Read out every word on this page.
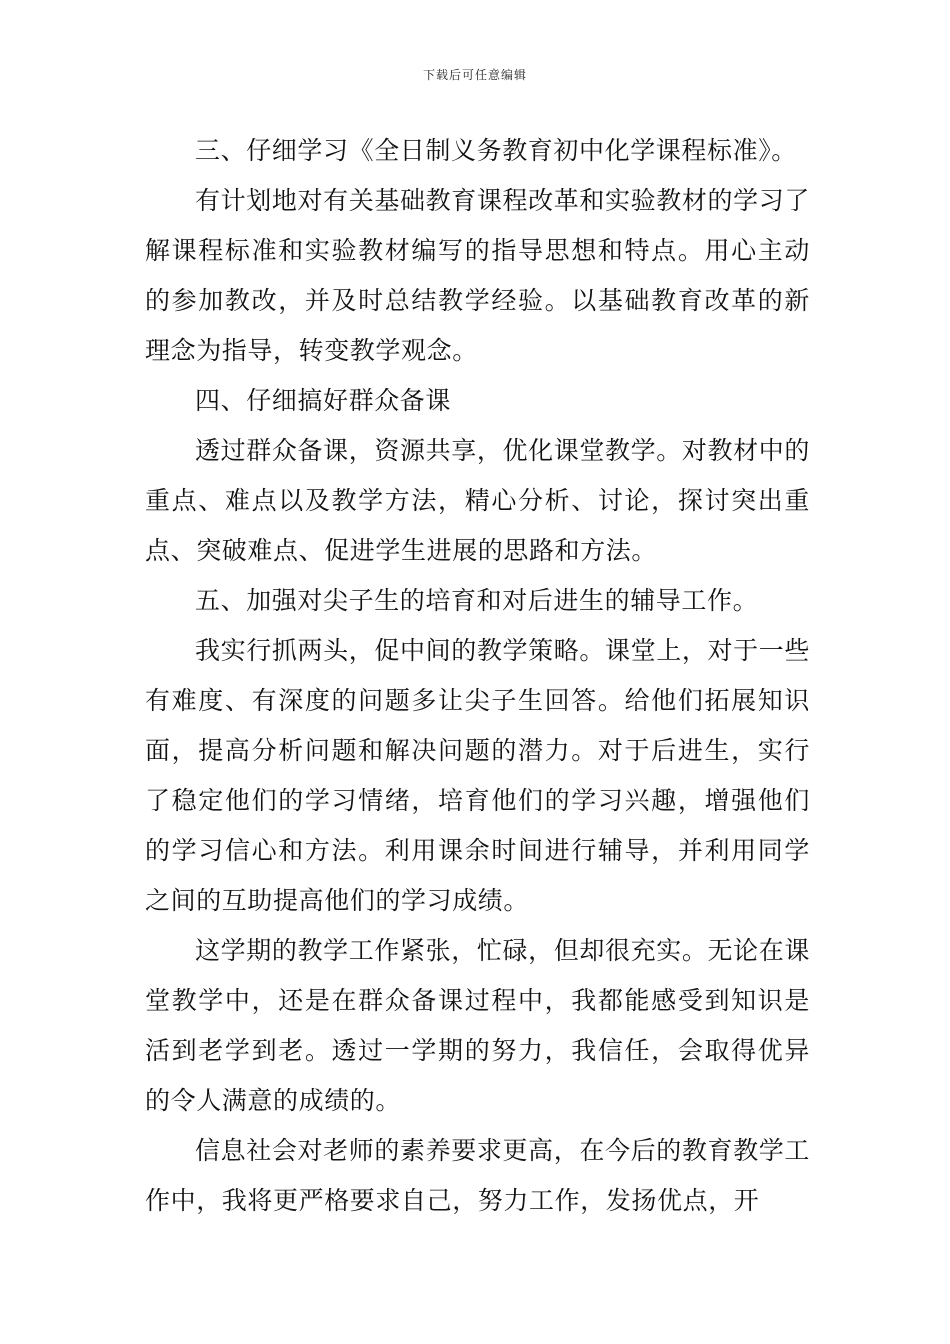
下载后可任意编辑

三、仔细学习《全日制义务教育初中化学课程标准》。

有计划地对有关基础教育课程改革和实验教材的学习了解课程标准和实验教材编写的指导思想和特点。用心主动的参加教改，并及时总结教学经验。以基础教育改革的新理念为指导，转变教学观念。

四、仔细搞好群众备课

透过群众备课，资源共享，优化课堂教学。对教材中的重点、难点以及教学方法，精心分析、讨论，探讨突出重点、突破难点、促进学生进展的思路和方法。

五、加强对尖子生的培育和对后进生的辅导工作。

我实行抓两头，促中间的教学策略。课堂上，对于一些有难度、有深度的问题多让尖子生回答。给他们拓展知识面，提高分析问题和解决问题的潜力。对于后进生，实行了稳定他们的学习情绪，培育他们的学习兴趣，增强他们的学习信心和方法。利用课余时间进行辅导，并利用同学之间的互助提高他们的学习成绩。

这学期的教学工作紧张，忙碌，但却很充实。无论在课堂教学中，还是在群众备课过程中，我都能感受到知识是活到老学到老。透过一学期的努力，我信任，会取得优异的令人满意的成绩的。

信息社会对老师的素养要求更高，在今后的教育教学工作中，我将更严格要求自己，努力工作，发扬优点，开
